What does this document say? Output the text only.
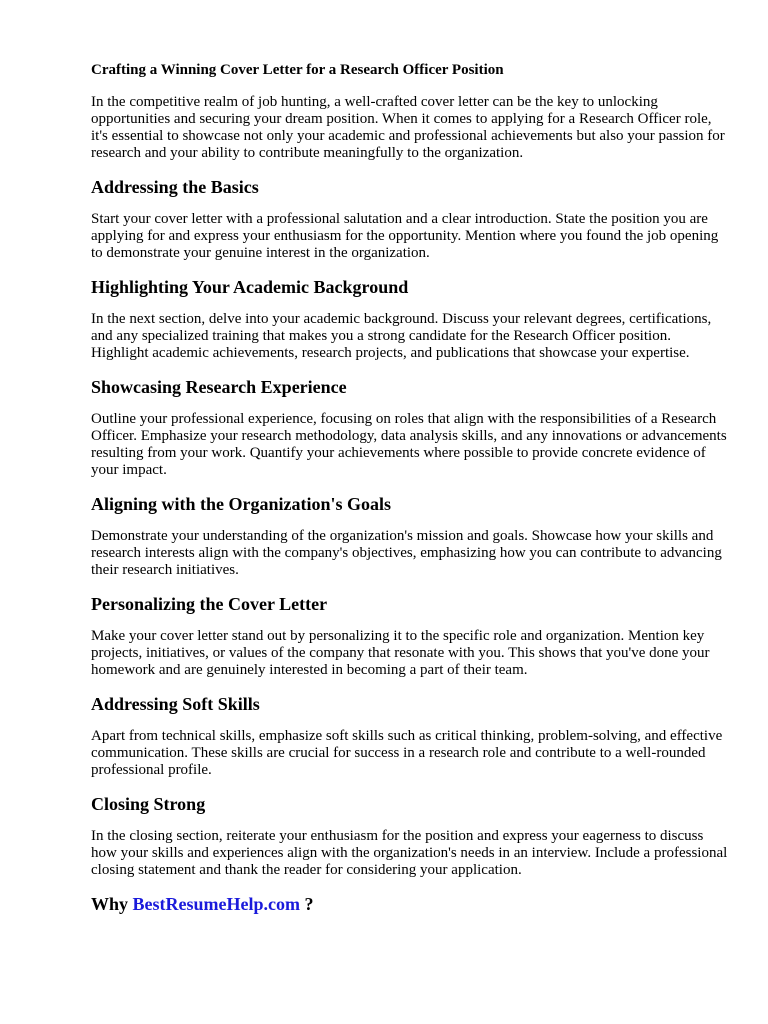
Crafting a Winning Cover Letter for a Research Officer Position
In the competitive realm of job hunting, a well-crafted cover letter can be the key to unlocking opportunities and securing your dream position. When it comes to applying for a Research Officer role, it's essential to showcase not only your academic and professional achievements but also your passion for research and your ability to contribute meaningfully to the organization.
Addressing the Basics
Start your cover letter with a professional salutation and a clear introduction. State the position you are applying for and express your enthusiasm for the opportunity. Mention where you found the job opening to demonstrate your genuine interest in the organization.
Highlighting Your Academic Background
In the next section, delve into your academic background. Discuss your relevant degrees, certifications, and any specialized training that makes you a strong candidate for the Research Officer position. Highlight academic achievements, research projects, and publications that showcase your expertise.
Showcasing Research Experience
Outline your professional experience, focusing on roles that align with the responsibilities of a Research Officer. Emphasize your research methodology, data analysis skills, and any innovations or advancements resulting from your work. Quantify your achievements where possible to provide concrete evidence of your impact.
Aligning with the Organization's Goals
Demonstrate your understanding of the organization's mission and goals. Showcase how your skills and research interests align with the company's objectives, emphasizing how you can contribute to advancing their research initiatives.
Personalizing the Cover Letter
Make your cover letter stand out by personalizing it to the specific role and organization. Mention key projects, initiatives, or values of the company that resonate with you. This shows that you've done your homework and are genuinely interested in becoming a part of their team.
Addressing Soft Skills
Apart from technical skills, emphasize soft skills such as critical thinking, problem-solving, and effective communication. These skills are crucial for success in a research role and contribute to a well-rounded professional profile.
Closing Strong
In the closing section, reiterate your enthusiasm for the position and express your eagerness to discuss how your skills and experiences align with the organization's needs in an interview. Include a professional closing statement and thank the reader for considering your application.
Why BestResumeHelp.com ?
